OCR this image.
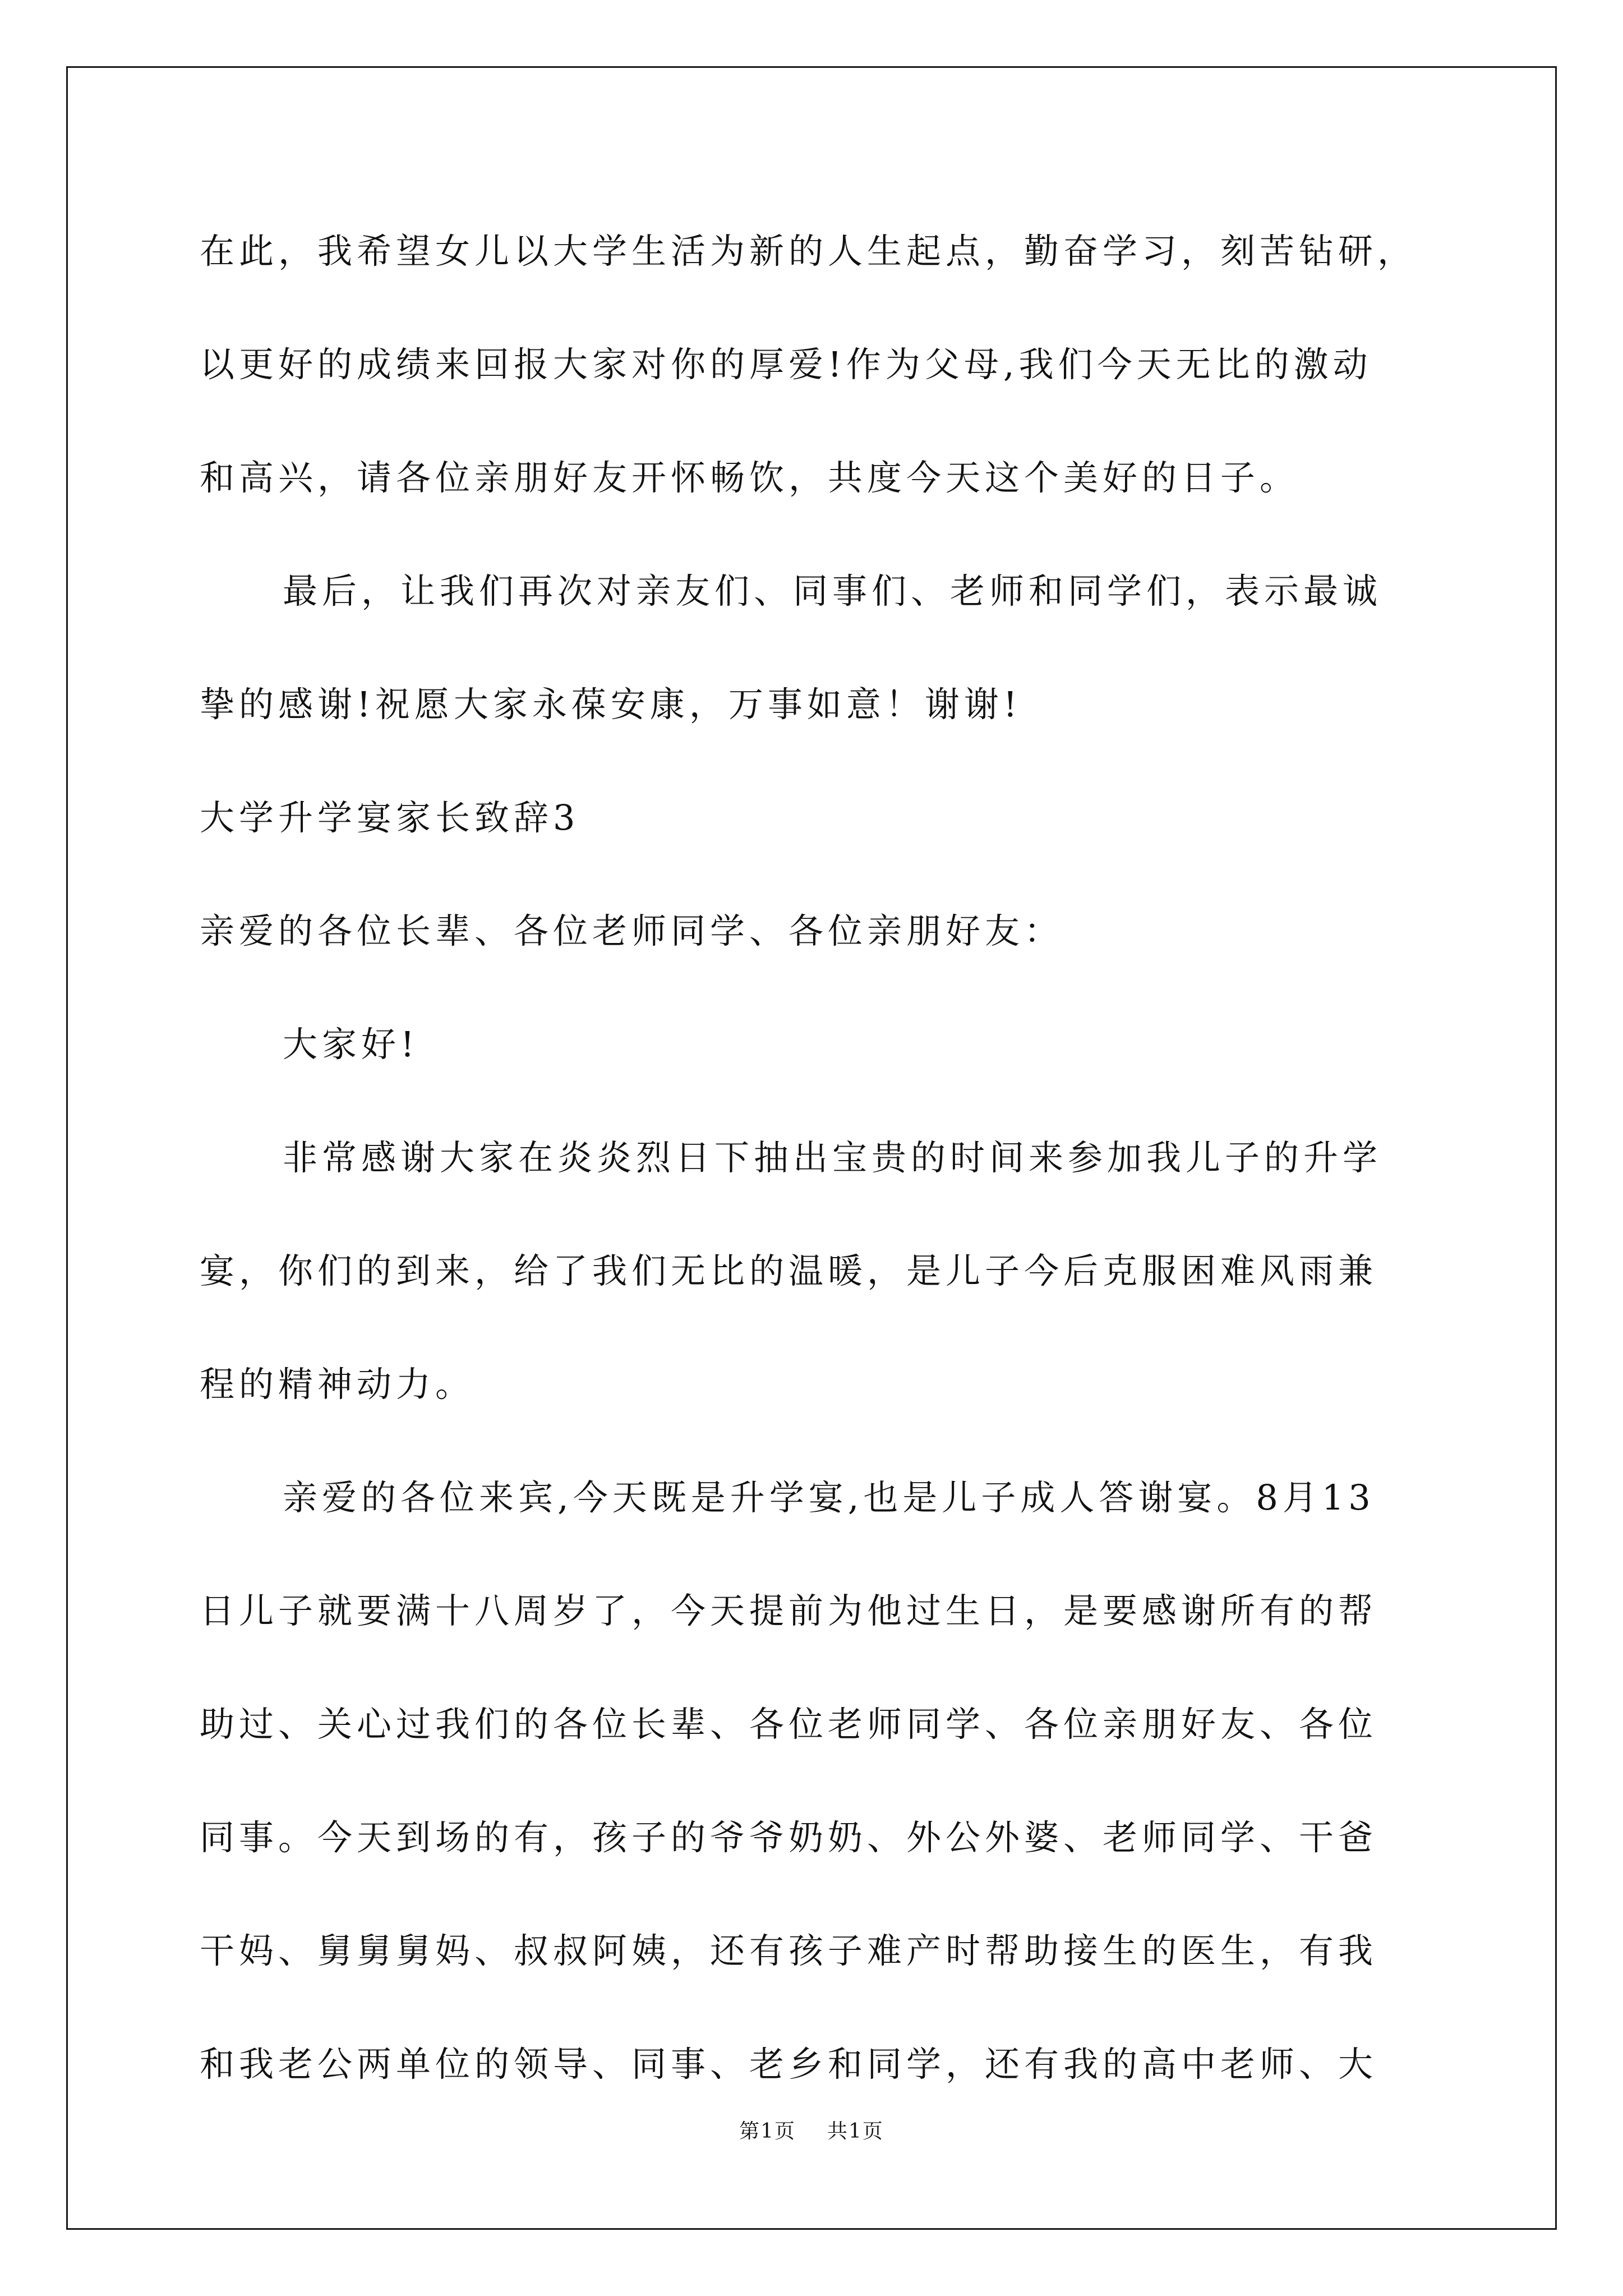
在此，我希望女儿以大学生活为新的人生起点，勤奋学习，刻苦钻研，
以更好的成绩来回报大家对你的厚爱!作为父母,我们今天无比的激动
和高兴，请各位亲朋好友开怀畅饮，共度今天这个美好的日子。
最后，让我们再次对亲友们、同事们、老师和同学们，表示最诚
挚的感谢!祝愿大家永葆安康，万事如意！谢谢!
大学升学宴家长致辞3
亲爱的各位长辈、各位老师同学、各位亲朋好友：
大家好!
非常感谢大家在炎炎烈日下抽出宝贵的时间来参加我儿子的升学
宴，你们的到来，给了我们无比的温暖，是儿子今后克服困难风雨兼
程的精神动力。
亲爱的各位来宾,今天既是升学宴,也是儿子成人答谢宴。8月13
日儿子就要满十八周岁了，今天提前为他过生日，是要感谢所有的帮
助过、关心过我们的各位长辈、各位老师同学、各位亲朋好友、各位
同事。今天到场的有，孩子的爷爷奶奶、外公外婆、老师同学、干爸
干妈、舅舅舅妈、叔叔阿姨，还有孩子难产时帮助接生的医生，有我
和我老公两单位的领导、同事、老乡和同学，还有我的高中老师、大
第1页 共1页
